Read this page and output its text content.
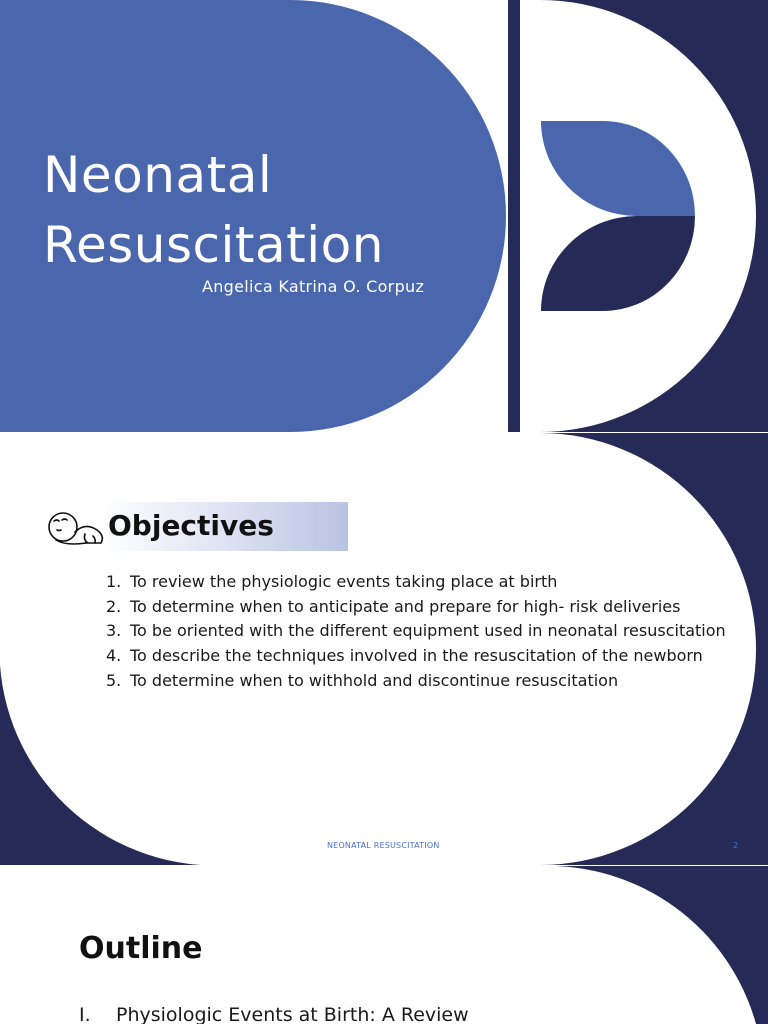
Neonatal
Resuscitation
Angelica Katrina O. Corpuz
Objectives
1. To review the physiologic events taking place at birth
2. To determine when to anticipate and prepare for high- risk deliveries
3. To be oriented with the different equipment used in neonatal resuscitation
4. To describe the techniques involved in the resuscitation of the newborn
5. To determine when to withhold and discontinue resuscitation
NEONATAL RESUSCITATION	2
Outline
I.	Physiologic Events at Birth: A Review
